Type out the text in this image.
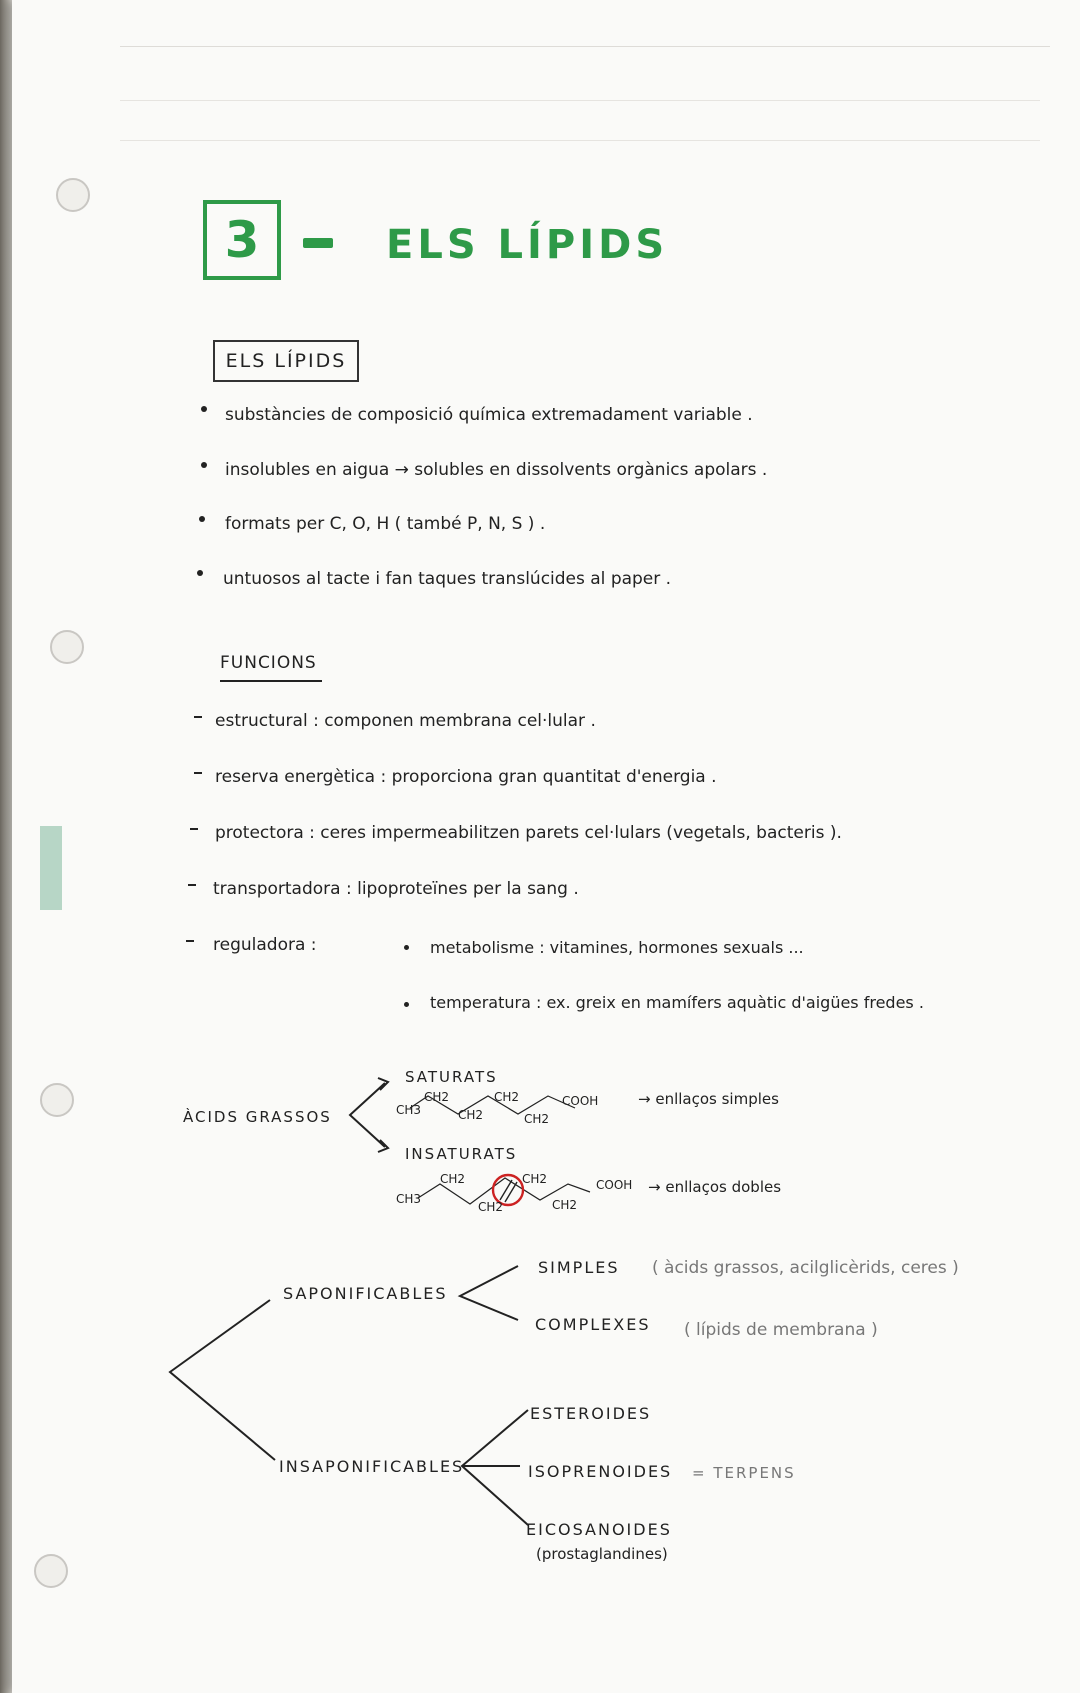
3	ELS LÍPIDS
ELS LÍPIDS
substàncies de composició química extremadament variable .
insolubles en aigua → solubles en dissolvents orgànics apolars .
formats per C, O, H ( també P, N, S ) .
untuosos al tacte i fan taques translúcides al paper .
FUNCIONS
estructural : componen membrana cel·lular .
reserva energètica : proporciona gran quantitat d'energia .
protectora : ceres impermeabilitzen parets cel·lulars (vegetals, bacteris ).
transportadora : lipoproteïnes per la sang .
reguladora :	metabolisme : vitamines, hormones sexuals ...
temperatura : ex. greix en mamífers aquàtic d'aigües fredes .
ÀCIDS GRASSOS
SATURATS
CH3
CH2
CH2
CH2
CH2
COOH	→ enllaços simples
INSATURATS
CH3
CH2
CH2
CH2
CH2
COOH → enllaços dobles
SAPONIFICABLES
SIMPLES ( àcids grassos, acilglicèrids, ceres )
COMPLEXES ( lípids de membrana )
INSAPONIFICABLES
ESTEROIDES
ISOPRENOIDES = TERPENS
EICOSANOIDES
(prostaglandines)
